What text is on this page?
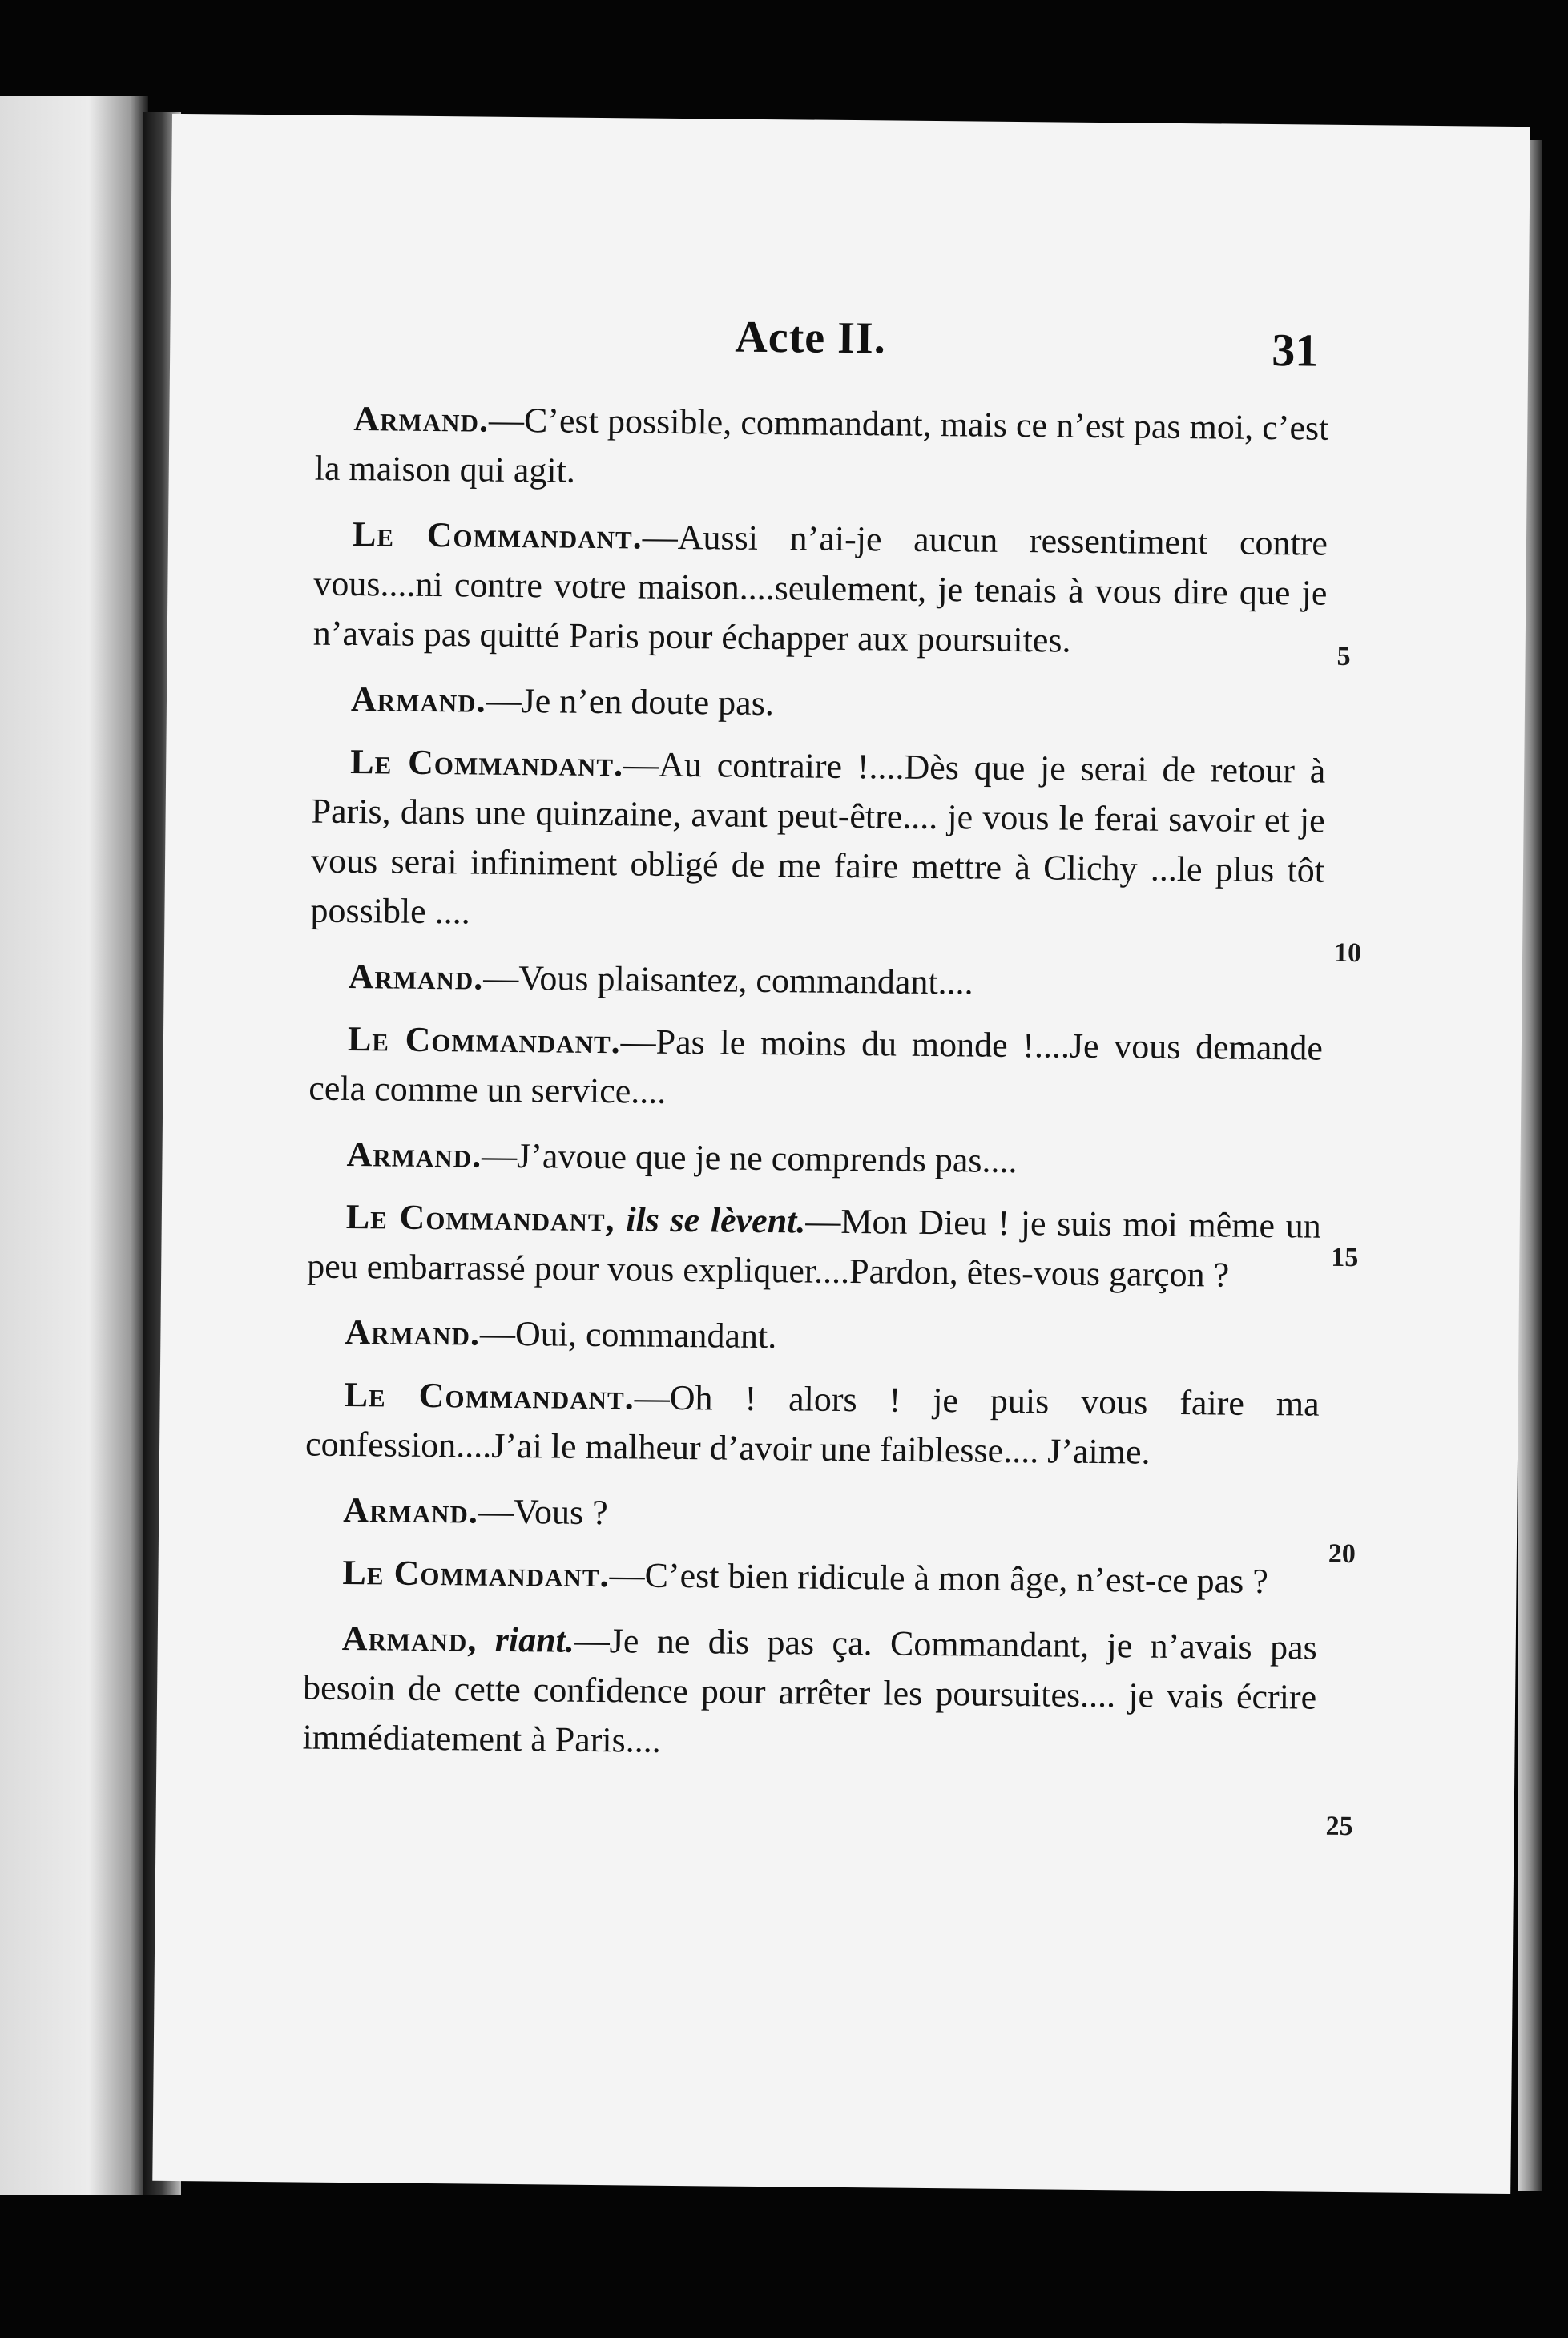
Acte II.	31

Armand.—C’est possible, commandant, mais ce n’est pas moi, c’est la maison qui agit.

Le Commandant.—Aussi n’ai-je aucun ressentiment contre vous....ni contre votre maison....seulement, je tenais à vous dire que je n’avais pas quitté Paris pour échapper aux poursuites.

Armand.—Je n’en doute pas.

Le Commandant.—Au contraire !....Dès que je serai de retour à Paris, dans une quinzaine, avant peut-être.... je vous le ferai savoir et je vous serai infiniment obligé de me faire mettre à Clichy ...le plus tôt possible ....

Armand.—Vous plaisantez, commandant....

Le Commandant.—Pas le moins du monde !....Je vous demande cela comme un service....

Armand.—J’avoue que je ne comprends pas....

Le Commandant, ils se lèvent.—Mon Dieu ! je suis moi même un peu embarrassé pour vous expliquer....Pardon, êtes-vous garçon ?

Armand.—Oui, commandant.

Le Commandant.—Oh ! alors ! je puis vous faire ma confession....J’ai le malheur d’avoir une faiblesse.... J’aime.

Armand.—Vous ?

Le Commandant.—C’est bien ridicule à mon âge, n’est-ce pas ?

Armand, riant.—Je ne dis pas ça. Commandant, je n’avais pas besoin de cette confidence pour arrêter les poursuites.... je vais écrire immédiatement à Paris....

5
10
15
20
25
